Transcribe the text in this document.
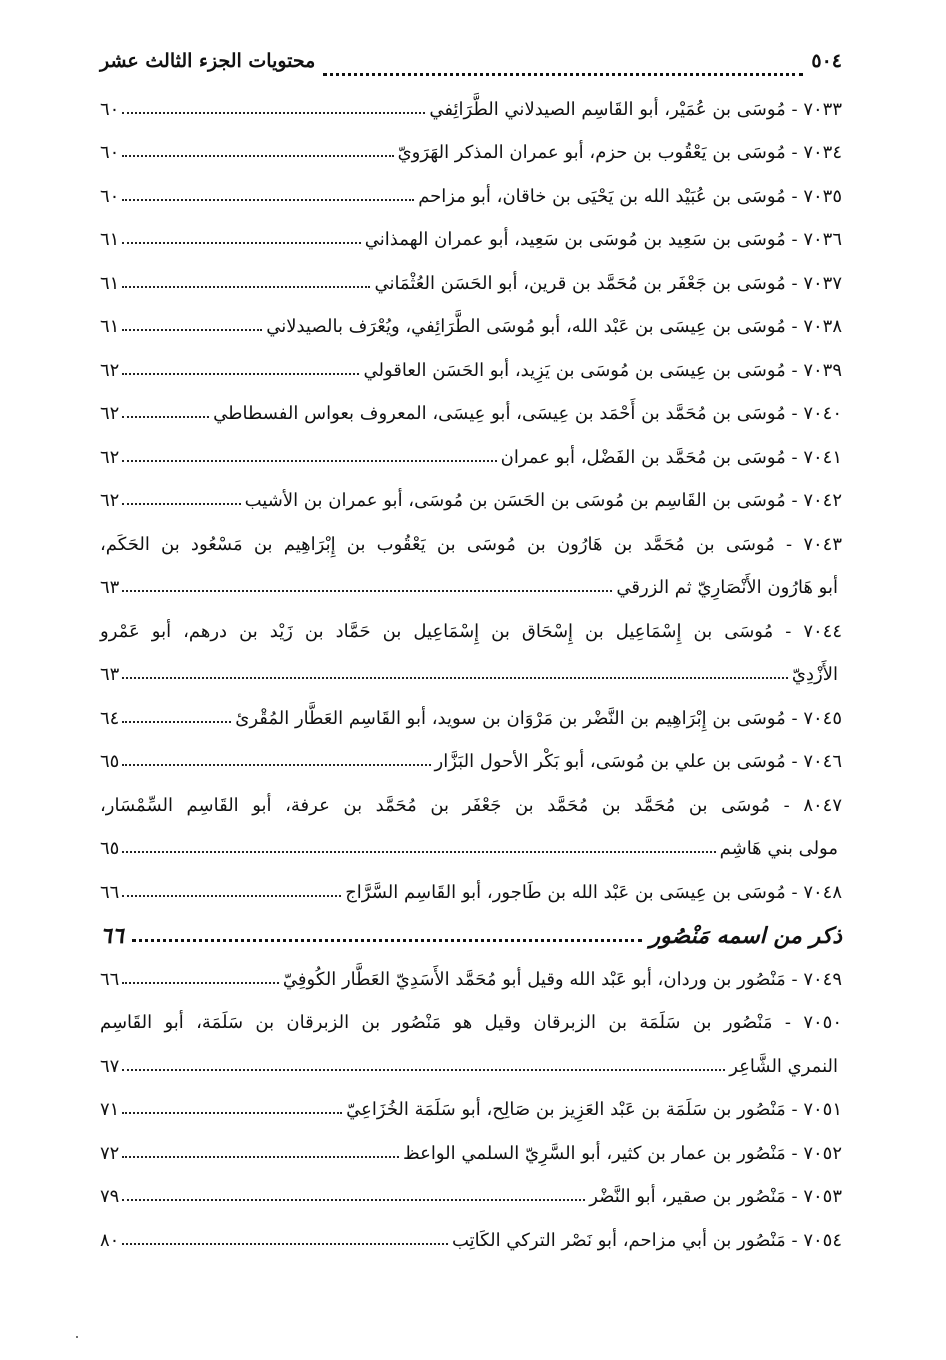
٥٠٤
محتويات الجزء الثالث عشر
٧٠٣٣ - مُوسَى بن عُمَيْر، أبو القَاسِم الصيدلاني الطَّرَائِفي
٦٠
٧٠٣٤ - مُوسَى بن يَعْقُوب بن حزم، أبو عمران المذكر الهَرَويّ
٦٠
٧٠٣٥ - مُوسَى بن عُبَيْد الله بن يَحْيَى بن خاقان، أبو مزاحم
٦٠
٧٠٣٦ - مُوسَى بن سَعِيد بن مُوسَى بن سَعِيد، أبو عمران الهمذاني
٦١
٧٠٣٧ - مُوسَى بن جَعْفَر بن مُحَمَّد بن قرين، أبو الحَسَن العُثْمَاني
٦١
٧٠٣٨ - مُوسَى بن عِيسَى بن عَبْد الله، أبو مُوسَى الطَّرَائِفي، ويُعْرَف بالصيدلاني
٦١
٧٠٣٩ - مُوسَى بن عِيسَى بن مُوسَى بن يَزِيد، أبو الحَسَن العاقولي
٦٢
٧٠٤٠ - مُوسَى بن مُحَمَّد بن أَحْمَد بن عِيسَى، أبو عِيسَى، المعروف بعواس الفسطاطي
٦٢
٧٠٤١ - مُوسَى بن مُحَمَّد بن الفَضْل، أبو عمران
٦٢
٧٠٤٢ - مُوسَى بن القَاسِم بن مُوسَى بن الحَسَن بن مُوسَى، أبو عمران بن الأشيب
٦٢
٧٠٤٣ - مُوسَى بن مُحَمَّد بن هَارُون بن مُوسَى بن يَعْقُوب بن إِبْرَاهِيم بن مَسْعُود بن الحَكَم،
أبو هَارُون الأَنْصَارِيّ ثم الزرقي
٦٣
٧٠٤٤ - مُوسَى بن إِسْمَاعِيل بن إِسْحَاق بن إِسْمَاعِيل بن حَمَّاد بن زَيْد بن درهم، أبو عَمْرو
الأَزْدِيّ
٦٣
٧٠٤٥ - مُوسَى بن إِبْرَاهِيم بن النَّضْر بن مَرْوَان بن سويد، أبو القَاسِم العَطَّار المُقْرئ
٦٤
٧٠٤٦ - مُوسَى بن علي بن مُوسَى، أبو بَكْر الأحول البَزَّار
٦٥
٨٠٤٧ - مُوسَى بن مُحَمَّد بن مُحَمَّد بن جَعْفَر بن مُحَمَّد بن عرفة، أبو القَاسِم السِّمْسَار،
مولى بني هَاشِم
٦٥
٧٠٤٨ - مُوسَى بن عِيسَى بن عَبْد الله بن طَاجور، أبو القَاسِم السَّرَّاج
٦٦
ذكر من اسمه مَنْصُور
٦٦
٧٠٤٩ - مَنْصُور بن وردان، أبو عَبْد الله وقيل أبو مُحَمَّد الأَسَدِيّ العَطَّار الكُوفِيّ
٦٦
٧٠٥٠ - مَنْصُور بن سَلَمَة بن الزبرقان وقيل هو مَنْصُور بن الزبرقان بن سَلَمَة، أبو القَاسِم
النمري الشَّاعِر
٦٧
٧٠٥١ - مَنْصُور بن سَلَمَة بن عَبْد العَزِيز بن صَالِح، أبو سَلَمَة الخُزَاعِيّ
٧١
٧٠٥٢ - مَنْصُور بن عمار بن كثير، أبو السَّرِيّ السلمي الواعظ
٧٢
٧٠٥٣ - مَنْصُور بن صقير، أبو النَّضْر
٧٩
٧٠٥٤ - مَنْصُور بن أبي مزاحم، أبو نَصْر التركي الكَاتِب
٨٠
